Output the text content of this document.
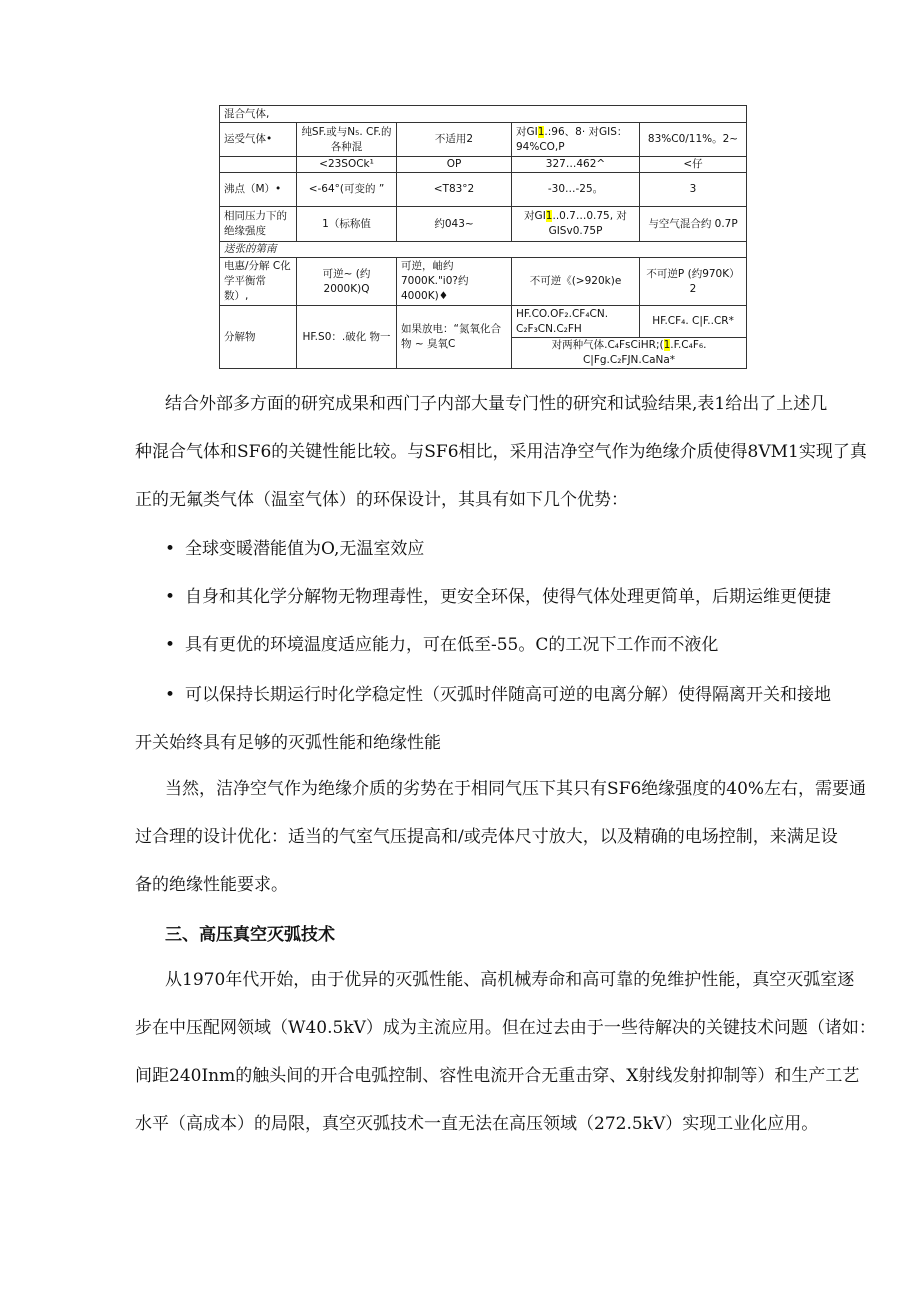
混合气体,				
运受气体•	纯SF.或与N₅. CF.的各种混	不适用2	对GI1.:96、8· 对GIS：94%CO,P	83%C0/11%。2~
	<23SOCk¹	OP	327…462^	<仔
沸点（M）•	<-64°(可变的 ”	<T83°2	-30…-25。	3
相同压力下的 绝缘强度	1（标称值	约043~	对GI1..0.7…0.75, 对GISv0.75P	与空气混合约 0.7P
送张的第南				
电惠/分解 C化学平衡常 数）,	可逆~ (约2000K)Q	可逆，岫约7000K."i0?约 4000K)♦	不可逆《(>920k)e	不可逆P (约970K）2
分解物	HF.S0：.破化 物一	如果放电：“氮氧化合物 ~ 臭氧C	HF.CO.OF₂.CF₄CN. C₂F₃CN.C₂FH	HF.CF₄. C|F..CR*
			对两种气体.C₄FsCiHR;(1.F.C₄F₆. C|Fg.C₂FJN.CaNa*	
结合外部多方面的研究成果和西门子内部大量专门性的研究和试验结果,表1给出了上述几
种混合气体和SF6的关键性能比较。与SF6相比，采用洁净空气作为绝缘介质使得8VM1实现了真
正的无氟类气体（温室气体）的环保设计，其具有如下几个优势：
• 全球变暖潜能值为O,无温室效应
• 自身和其化学分解物无物理毒性，更安全环保，使得气体处理更简单，后期运维更便捷
• 具有更优的环境温度适应能力，可在低至-55。C的工况下工作而不液化
• 可以保持长期运行时化学稳定性（灭弧时伴随高可逆的电离分解）使得隔离开关和接地
开关始终具有足够的灭弧性能和绝缘性能
当然，洁净空气作为绝缘介质的劣势在于相同气压下其只有SF6绝缘强度的40%左右，需要通
过合理的设计优化：适当的气室气压提高和/或壳体尺寸放大，以及精确的电场控制，来满足设
备的绝缘性能要求。
三、高压真空灭弧技术
从1970年代开始，由于优异的灭弧性能、高机械寿命和高可靠的免维护性能，真空灭弧室逐
步在中压配网领域（W40.5kV）成为主流应用。但在过去由于一些待解决的关键技术问题（诸如：
间距240Inm的触头间的开合电弧控制、容性电流开合无重击穿、X射线发射抑制等）和生产工艺
水平（高成本）的局限，真空灭弧技术一直无法在高压领域（272.5kV）实现工业化应用。
